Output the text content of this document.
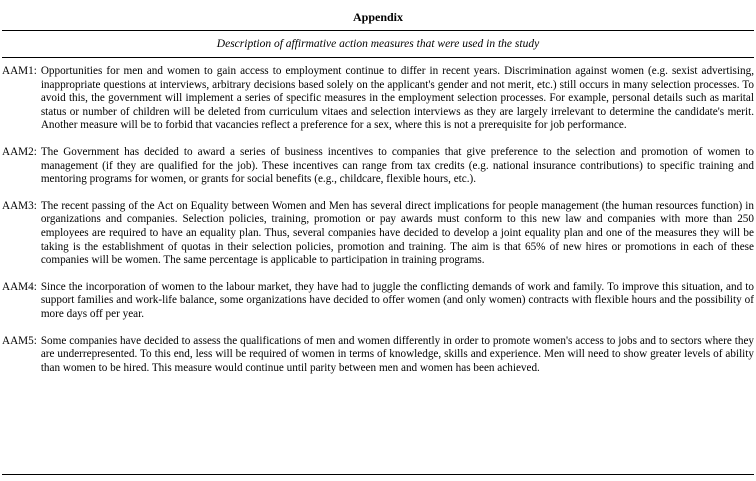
Appendix
Description of affirmative action measures that were used in the study
AAM1: Opportunities for men and women to gain access to employment continue to differ in recent years. Discrimination against women (e.g. sexist advertising, inappropriate questions at interviews, arbitrary decisions based solely on the applicant's gender and not merit, etc.) still occurs in many selection processes. To avoid this, the government will implement a series of specific measures in the employment selection processes. For example, personal details such as marital status or number of children will be deleted from curriculum vitaes and selection interviews as they are largely irrelevant to determine the candidate's merit. Another measure will be to forbid that vacancies reflect a preference for a sex, where this is not a prerequisite for job performance.
AAM2: The Government has decided to award a series of business incentives to companies that give preference to the selection and promotion of women to management (if they are qualified for the job). These incentives can range from tax credits (e.g. national insurance contributions) to specific training and mentoring programs for women, or grants for social benefits (e.g., childcare, flexible hours, etc.).
AAM3: The recent passing of the Act on Equality between Women and Men has several direct implications for people management (the human resources function) in organizations and companies. Selection policies, training, promotion or pay awards must conform to this new law and companies with more than 250 employees are required to have an equality plan. Thus, several companies have decided to develop a joint equality plan and one of the measures they will be taking is the establishment of quotas in their selection policies, promotion and training. The aim is that 65% of new hires or promotions in each of these companies will be women. The same percentage is applicable to participation in training programs.
AAM4: Since the incorporation of women to the labour market, they have had to juggle the conflicting demands of work and family. To improve this situation, and to support families and work-life balance, some organizations have decided to offer women (and only women) contracts with flexible hours and the possibility of more days off per year.
AAM5: Some companies have decided to assess the qualifications of men and women differently in order to promote women's access to jobs and to sectors where they are underrepresented. To this end, less will be required of women in terms of knowledge, skills and experience. Men will need to show greater levels of ability than women to be hired. This measure would continue until parity between men and women has been achieved.
